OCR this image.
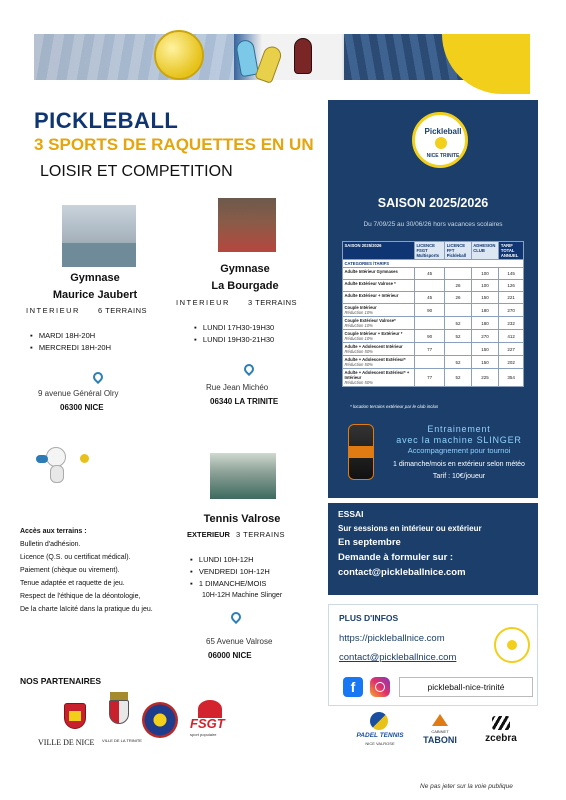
PICKLEBALL
3 SPORTS DE RAQUETTES EN UN
LOISIR ET COMPETITION
Pickleball
NICE TRINITE
SAISON 2025/2026
Du 7/09/25 au 30/06/26 hors vacances scolaires
SAISON 2025/2026	LICENCE FSGT Multisports	LICENCE FFT Pickleball	ADHESION CLUB	TARIF TOTAL ANNUEL
CATEGORIES /TARIFS				

Adulte Intérieur Gymnases	45		100	145

Adulte Extérieur Valrose *		26	100	126

Adulte Extérieur + Intérieur	45	26	150	221

Couple Intérieur
Réduction 10%	90		180	270

Couple Extérieur Valrose*
Réduction 10%		52	180	232

Couple Intérieur + Extérieur *
Réduction 10%	90	52	270	412

Adulte + Adolescent Intérieur
Réduction 50%	77		150	227

Adulte + Adolescent Extérieur*
Réduction 50%		52	150	202

Adulte + Adolescent Extérieur* + Intérieur
Réduction 50%	77	52	225	354
* location terrains extérieur par le club inclus
Entrainement
avec la machine SLINGER
Accompagnement pour tournoi
1 dimanche/mois en extérieur selon météo
Tarif : 10€/joueur
ESSAI
Sur sessions en intérieur ou extérieur
En septembre
Demande à formuler sur :
contact@pickleballnice.com
PLUS D'INFOS
https://pickleballnice.com
contact@pickleballnice.com
f	pickleball-nice-trinité
Gymnase
Maurice Jaubert
INTERIEUR 6 TERRAINS
▪   MARDI 18H-20H
▪   MERCREDI 18H-20H
9 avenue Général Olry
06300 NICE
Gymnase
La Bourgade
INTERIEUR 3 TERRAINS
▪   LUNDI 17H30-19H30
▪   LUNDI 19H30-21H30
Rue Jean Michéo
06340 LA TRINITE
Tennis Valrose
EXTERIEUR 3 TERRAINS
▪   LUNDI 10H-12H
▪   VENDREDI 10H-12H
▪   1 DIMANCHE/MOIS
10H-12H Machine Slinger
65 Avenue Valrose
06000 NICE
Accès aux terrains :
Bulletin d'adhésion.
Licence (Q.S. ou certificat médical).
Paiement (chèque ou virement).
Tenue adaptée et raquette de jeu.
Respect de l'éthique de la déontologie,
De la charte laïcité dans la pratique du jeu.
NOS PARTENAIRES
VILLE DE NICE VILLE DE LA TRINITE
FSGT
sport populaire	PADEL TENNIS
NICE VALROSE
CABINET
TABONI	zcebra
Ne pas jeter sur la voie publique
